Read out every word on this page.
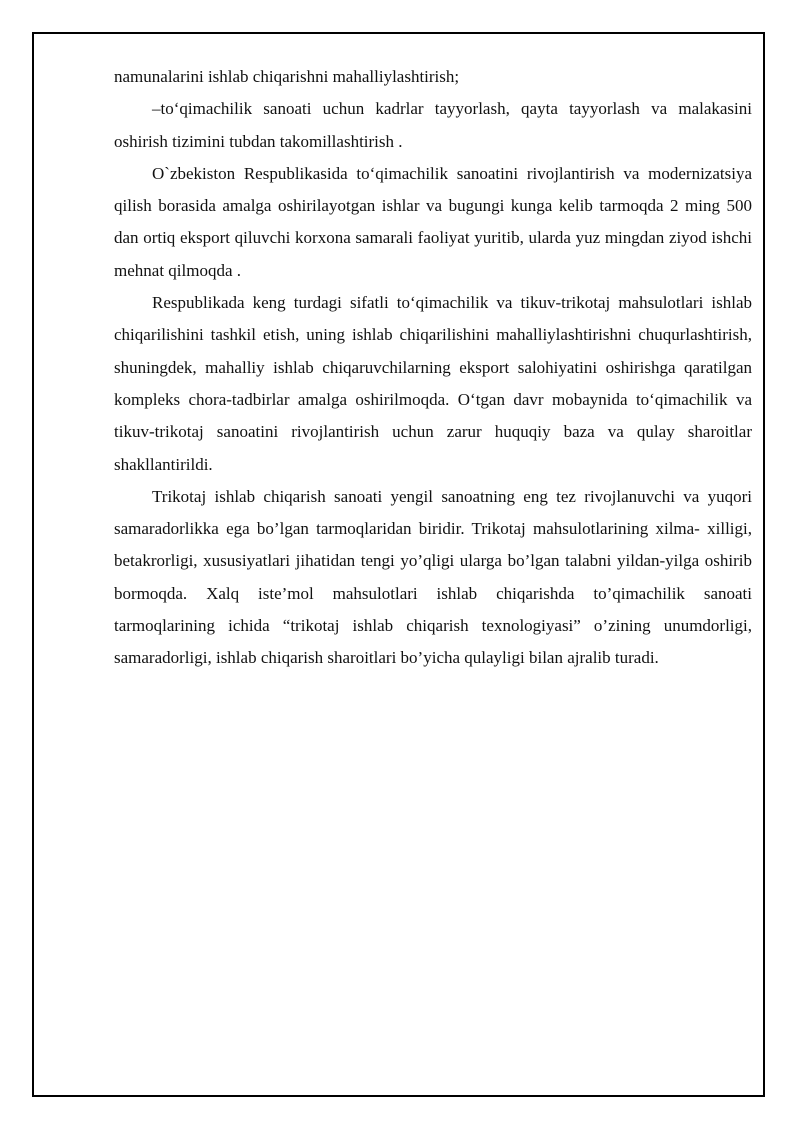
namunalarini ishlab chiqarishni mahalliylashtirish;

–to‘qimachilik sanoati uchun kadrlar tayyorlash, qayta tayyorlash va malakasini oshirish tizimini tubdan takomillashtirish .

O`zbekiston Respublikasida to‘qimachilik sanoatini rivojlantirish va modernizatsiya qilish borasida amalga oshirilayotgan ishlar va bugungi kunga kelib tarmoqda 2 ming 500 dan ortiq eksport qiluvchi korxona samarali faoliyat yuritib, ularda yuz mingdan ziyod ishchi mehnat qilmoqda .

Respublikada keng turdagi sifatli to‘qimachilik va tikuv-trikotaj mahsulotlari ishlab chiqarilishini tashkil etish, uning ishlab chiqarilishini mahalliylashtirishni chuqurlashtirish, shuningdek, mahalliy ishlab chiqaruvchilarning eksport salohiyatini oshirishga qaratilgan kompleks chora-tadbirlar amalga oshirilmoqda. O‘tgan davr mobaynida to‘qimachilik va tikuv-trikotaj sanoatini rivojlantirish uchun zarur huquqiy baza va qulay sharoitlar shakllantirildi.

Trikotaj ishlab chiqarish sanoati yengil sanoatning eng tez rivojlanuvchi va yuqori samaradorlikka ega bo’lgan tarmoqlaridan biridir. Trikotaj mahsulotlarining xilma- xilligi, betakrorligi, xususiyatlari jihatidan tengi yo’qligi ularga bo’lgan talabni yildan-yilga oshirib bormoqda. Xalq iste’mol mahsulotlari ishlab chiqarishda to’qimachilik sanoati tarmoqlarining ichida “trikotaj ishlab chiqarish texnologiyasi” o’zining unumdorligi, samaradorligi, ishlab chiqarish sharoitlari bo’yicha qulayligi bilan ajralib turadi.
